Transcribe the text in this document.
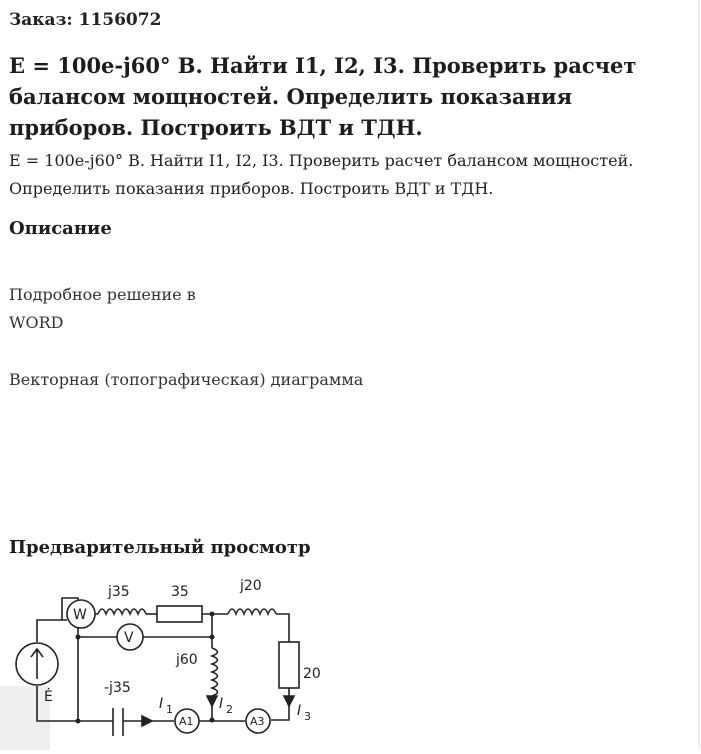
Заказ: 1156072
E = 100e-j60° В. Найти I1, I2, I3. Проверить расчет
балансом мощностей. Определить показания
приборов. Построить ВДТ и ТДН.
E = 100e-j60° В. Найти I1, I2, I3. Проверить расчет балансом мощностей.
Определить показания приборов. Построить ВДТ и ТДН.
Описание
Подробное решение в
WORD
Векторная (топографическая) диаграмма
Предварительный просмотр
j35	35	j20
j60
20
-j35
Ė
W
V
A1	A3
I 1	I 2	I 3
